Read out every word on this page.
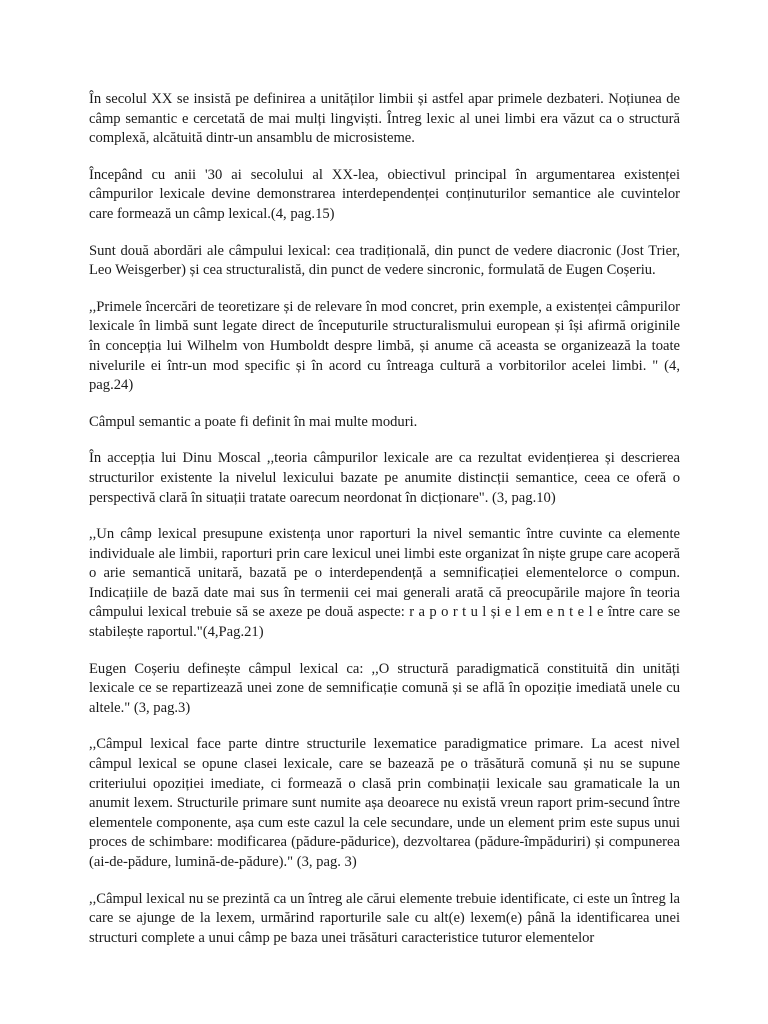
În secolul XX se insistă pe definirea a unităților limbii și astfel apar primele dezbateri. Noțiunea de câmp semantic e cercetată de mai mulți lingviști. Întreg lexic al unei limbi era văzut ca o structură complexă, alcătuită dintr-un ansamblu de microsisteme.

Începând cu anii '30 ai secolului al XX-lea, obiectivul principal în argumentarea existenței câmpurilor lexicale devine demonstrarea interdependenței conținuturilor semantice ale cuvintelor care formează un câmp lexical.(4, pag.15)

Sunt două abordări ale câmpului lexical: cea tradițională, din punct de vedere diacronic (Jost Trier, Leo Weisgerber) și cea structuralistă, din punct de vedere sincronic, formulată de Eugen Coșeriu.

,,Primele încercări de teoretizare și de relevare în mod concret, prin exemple, a existenței câmpurilor lexicale în limbă sunt legate direct de începuturile structuralismului european și își afirmă originile în concepția lui Wilhelm von Humboldt despre limbă, și anume că aceasta se organizează la toate nivelurile ei într-un mod specific și în acord cu întreaga cultură a vorbitorilor acelei limbi. " (4, pag.24)

Câmpul semantic a poate fi definit în mai multe moduri.

În accepția lui Dinu Moscal ,,teoria câmpurilor lexicale are ca rezultat evidențierea și descrierea structurilor existente la nivelul lexicului bazate pe anumite distincții semantice, ceea ce oferă o perspectivă clară în situații tratate oarecum neordonat în dicționare". (3, pag.10)

,,Un câmp lexical presupune existența unor raporturi la nivel semantic între cuvinte ca elemente individuale ale limbii, raporturi prin care lexicul unei limbi este organizat în niște grupe care acoperă o arie semantică unitară, bazată pe o interdependență a semnificației elementelorce o compun. Indicațiile de bază date mai sus în termenii cei mai generali arată că preocupările majore în teoria câmpului lexical trebuie să se axeze pe două aspecte: r a p o r t u l și e l em e n t e l e între care se stabilește raportul."(4,Pag.21)

Eugen Coșeriu definește câmpul lexical ca: ,,O structură paradigmatică constituită din unități lexicale ce se repartizează unei zone de semnificație comună și se află în opoziție imediată unele cu altele." (3, pag.3)

,,Câmpul lexical face parte dintre structurile lexematice paradigmatice primare. La acest nivel câmpul lexical se opune clasei lexicale, care se bazează pe o trăsătură comună și nu se supune criteriului opoziției imediate, ci formează o clasă prin combinații lexicale sau gramaticale la un anumit lexem. Structurile primare sunt numite așa deoarece nu există vreun raport prim-secund între elementele componente, așa cum este cazul la cele secundare, unde un element prim este supus unui proces de schimbare: modificarea (pădure-pădurice), dezvoltarea (pădure-împăduriri) și compunerea (ai-de-pădure, lumină-de-pădure)." (3, pag. 3)

,,Câmpul lexical nu se prezintă ca un întreg ale cărui elemente trebuie identificate, ci este un întreg la care se ajunge de la lexem, urmărind raporturile sale cu alt(e) lexem(e) până la identificarea unei structuri complete a unui câmp pe baza unei trăsături caracteristice tuturor elementelor
